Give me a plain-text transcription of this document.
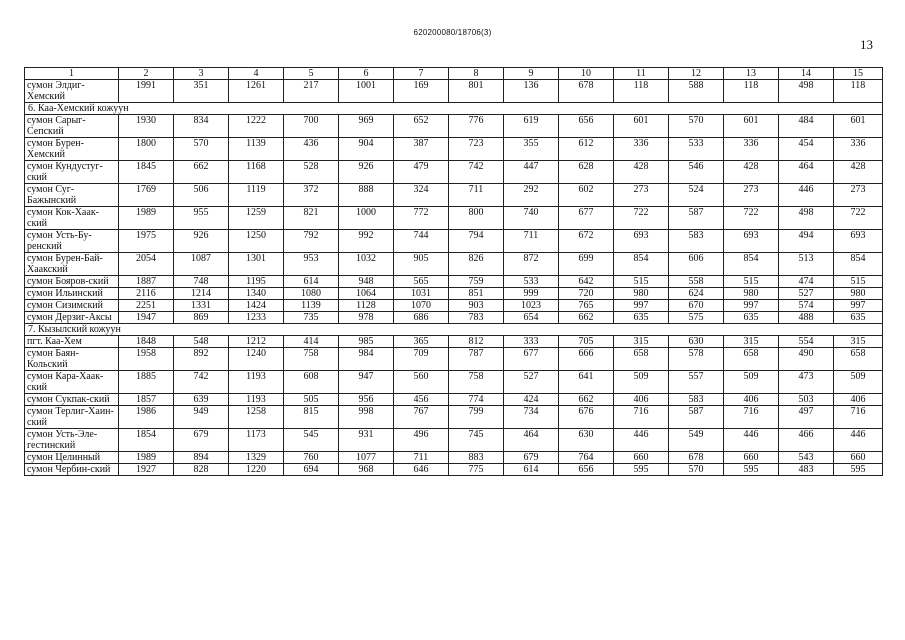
620200080/18706(3)
13
1	2	3	4	5	6	7	8	9	10	11	12	13	14	15
сумон Элдиг-Хемский	1991	351	1261	217	1001	169	801	136	678	118	588	118	498	118
6. Каа-Хемский кожуун														
сумон Сарыг-Сепский	1930	834	1222	700	969	652	776	619	656	601	570	601	484	601
сумон Бурен-Хемский	1800	570	1139	436	904	387	723	355	612	336	533	336	454	336
сумон Кундустуг-ский	1845	662	1168	528	926	479	742	447	628	428	546	428	464	428
сумон Суг-Бажынский	1769	506	1119	372	888	324	711	292	602	273	524	273	446	273
сумон Кок-Хаак-ский	1989	955	1259	821	1000	772	800	740	677	722	587	722	498	722
сумон Усть-Бу-ренский	1975	926	1250	792	992	744	794	711	672	693	583	693	494	693
сумон Бурен-Бай-Хаакский	2054	1087	1301	953	1032	905	826	872	699	854	606	854	513	854
сумон Бояров-ский	1887	748	1195	614	948	565	759	533	642	515	558	515	474	515
сумон Ильинский	2116	1214	1340	1080	1064	1031	851	999	720	980	624	980	527	980
сумон Сизимский	2251	1331	1424	1139	1128	1070	903	1023	765	997	670	997	574	997
сумон Дерзиг-Аксы	1947	869	1233	735	978	686	783	654	662	635	575	635	488	635
7. Кызылский кожуун														
пгт. Каа-Хем	1848	548	1212	414	985	365	812	333	705	315	630	315	554	315
сумон Баян-Кольский	1958	892	1240	758	984	709	787	677	666	658	578	658	490	658
сумон Кара-Хаак-ский	1885	742	1193	608	947	560	758	527	641	509	557	509	473	509
сумон Сукпак-ский	1857	639	1193	505	956	456	774	424	662	406	583	406	503	406
сумон Терлиг-Хаин-ский	1986	949	1258	815	998	767	799	734	676	716	587	716	497	716
сумон Усть-Эле-гестинский	1854	679	1173	545	931	496	745	464	630	446	549	446	466	446
сумон Целинный	1989	894	1329	760	1077	711	883	679	764	660	678	660	543	660
сумон Чербин-ский	1927	828	1220	694	968	646	775	614	656	595	570	595	483	595
